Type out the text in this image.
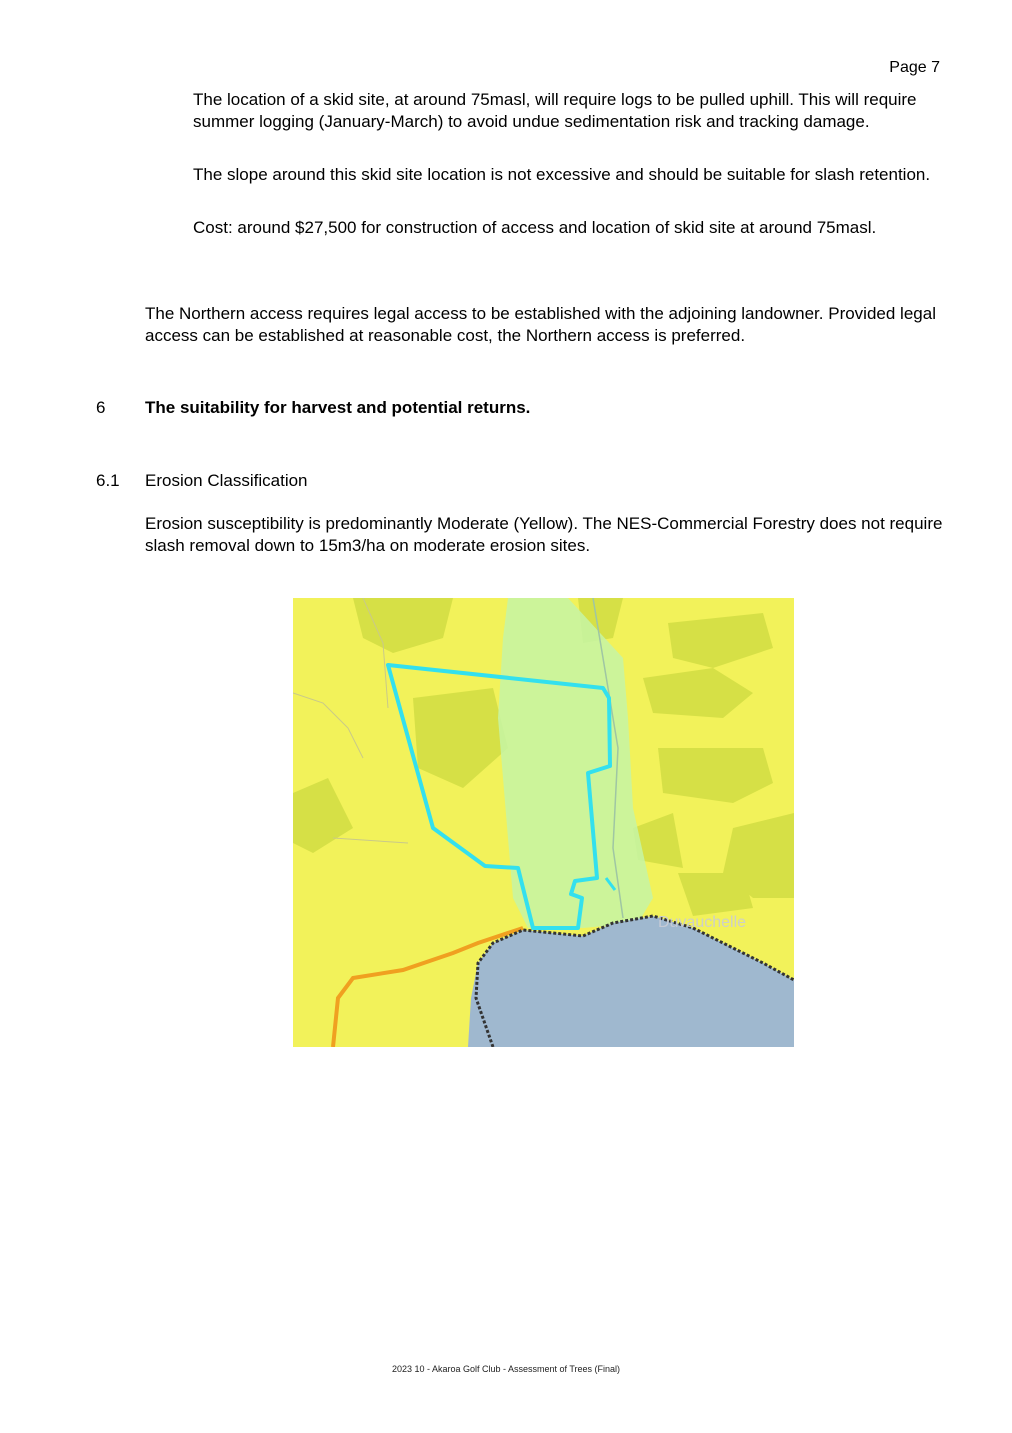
Page 7
The location of a skid site, at around 75masl, will require logs to be pulled uphill. This will require summer logging (January-March) to avoid undue sedimentation risk and tracking damage.
The slope around this skid site location is not excessive and should be suitable for slash retention.
Cost: around $27,500 for construction of access and location of skid site at around 75masl.
The Northern access requires legal access to be established with the adjoining landowner. Provided legal access can be established at reasonable cost, the Northern access is preferred.
6 The suitability for harvest and potential returns.
6.1 Erosion Classification
Erosion susceptibility is predominantly Moderate (Yellow). The NES-Commercial Forestry does not require slash removal down to 15m3/ha on moderate erosion sites.
Duvauchelle
2023 10 - Akaroa Golf Club - Assessment of Trees (Final)
